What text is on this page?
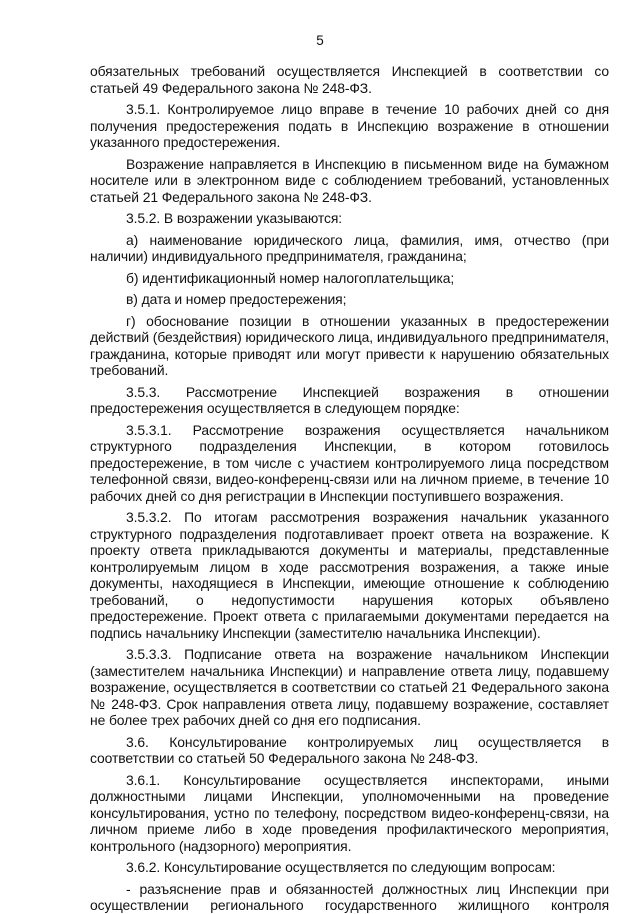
5

обязательных требований осуществляется Инспекцией в соответствии со статьей 49 Федерального закона № 248-ФЗ.

3.5.1. Контролируемое лицо вправе в течение 10 рабочих дней со дня получения предостережения подать в Инспекцию возражение в отношении указанного предостережения.

Возражение направляется в Инспекцию в письменном виде на бумажном носителе или в электронном виде с соблюдением требований, установленных статьей 21 Федерального закона № 248-ФЗ.

3.5.2. В возражении указываются:

а) наименование юридического лица, фамилия, имя, отчество (при наличии) индивидуального предпринимателя, гражданина;

б) идентификационный номер налогоплательщика;

в) дата и номер предостережения;

г) обоснование позиции в отношении указанных в предостережении действий (бездействия) юридического лица, индивидуального предпринимателя, гражданина, которые приводят или могут привести к нарушению обязательных требований.

3.5.3. Рассмотрение Инспекцией возражения в отношении предостережения осуществляется в следующем порядке:

3.5.3.1. Рассмотрение возражения осуществляется начальником структурного подразделения Инспекции, в котором готовилось предостережение, в том числе с участием контролируемого лица посредством телефонной связи, видео-конференц-связи или на личном приеме, в течение 10 рабочих дней со дня регистрации в Инспекции поступившего возражения.

3.5.3.2. По итогам рассмотрения возражения начальник указанного структурного подразделения подготавливает проект ответа на возражение. К проекту ответа прикладываются документы и материалы, представленные контролируемым лицом в ходе рассмотрения возражения, а также иные документы, находящиеся в Инспекции, имеющие отношение к соблюдению требований, о недопустимости нарушения которых объявлено предостережение. Проект ответа с прилагаемыми документами передается на подпись начальнику Инспекции (заместителю начальника Инспекции).

3.5.3.3. Подписание ответа на возражение начальником Инспекции (заместителем начальника Инспекции) и направление ответа лицу, подавшему возражение, осуществляется в соответствии со статьей 21 Федерального закона № 248-ФЗ. Срок направления ответа лицу, подавшему возражение, составляет не более трех рабочих дней со дня его подписания.

3.6. Консультирование контролируемых лиц осуществляется в соответствии со статьей 50 Федерального закона № 248-ФЗ.

3.6.1. Консультирование осуществляется инспекторами, иными должностными лицами Инспекции, уполномоченными на проведение консультирования, устно по телефону, посредством видео-конференц-связи, на личном приеме либо в ходе проведения профилактического мероприятия, контрольного (надзорного) мероприятия.

3.6.2. Консультирование осуществляется по следующим вопросам:

- разъяснение прав и обязанностей должностных лиц Инспекции при осуществлении регионального государственного жилищного контроля
